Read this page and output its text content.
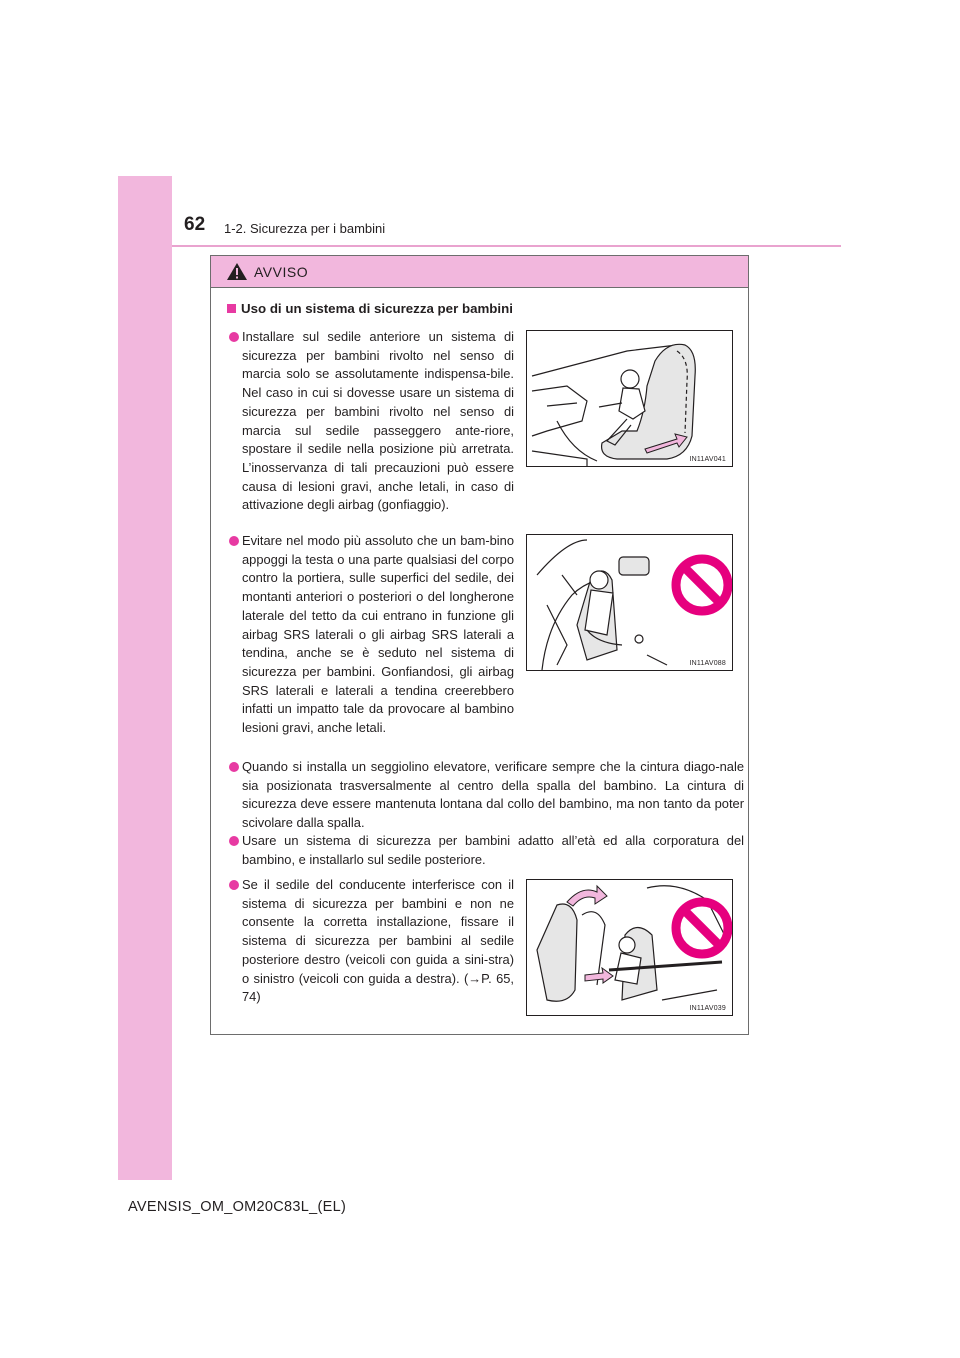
62 1-2. Sicurezza per i bambini
AVVISO
Uso di un sistema di sicurezza per bambini
Installare sul sedile anteriore un sistema di sicurezza per bambini rivolto nel senso di marcia solo se assolutamente indispensa-bile. Nel caso in cui si dovesse usare un sistema di sicurezza per bambini rivolto nel senso di marcia sul sedile passeggero ante-riore, spostare il sedile nella posizione più arretrata. L’inosservanza di tali precauzioni può essere causa di lesioni gravi, anche letali, in caso di attivazione degli airbag (gonfiaggio).
IN11AV041
Evitare nel modo più assoluto che un bam-bino appoggi la testa o una parte qualsiasi del corpo contro la portiera, sulle superfici del sedile, dei montanti anteriori o posteriori o del longherone laterale del tetto da cui entrano in funzione gli airbag SRS laterali o gli airbag SRS laterali a tendina, anche se è seduto nel sistema di sicurezza per bambini. Gonfiandosi, gli airbag SRS laterali e laterali a tendina creerebbero infatti un impatto tale da provocare al bambino lesioni gravi, anche letali.
IN11AV088
Quando si installa un seggiolino elevatore, verificare sempre che la cintura diago-nale sia posizionata trasversalmente al centro della spalla del bambino. La cintura di sicurezza deve essere mantenuta lontana dal collo del bambino, ma non tanto da poter scivolare dalla spalla.
Usare un sistema di sicurezza per bambini adatto all’età ed alla corporatura del bambino, e installarlo sul sedile posteriore.
Se il sedile del conducente interferisce con il sistema di sicurezza per bambini e non ne consente la corretta installazione, fissare il sistema di sicurezza per bambini al sedile posteriore destro (veicoli con guida a sini-stra) o sinistro (veicoli con guida a destra). (→P. 65, 74)
IN11AV039
AVENSIS_OM_OM20C83L_(EL)
